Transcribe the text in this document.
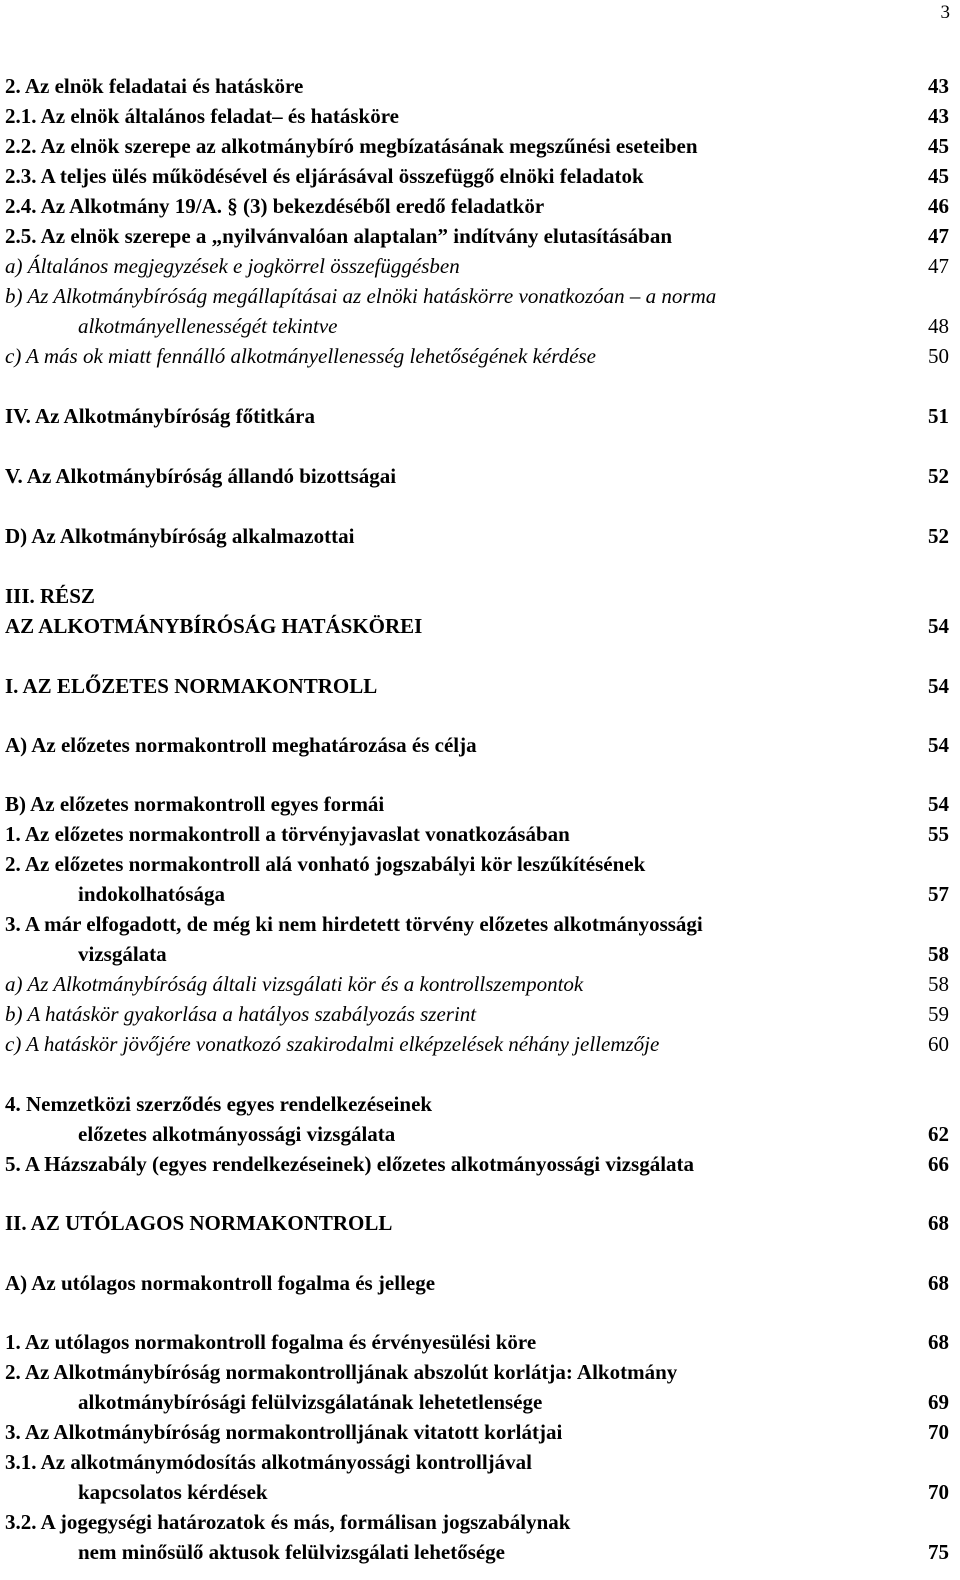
3
2. Az elnök feladatai és hatásköre	43
2.1. Az elnök általános feladat– és hatásköre	43
2.2. Az elnök szerepe az alkotmánybíró megbízatásának megszűnési eseteiben	45
2.3. A teljes ülés működésével és eljárásával összefüggő elnöki feladatok	45
2.4. Az Alkotmány 19/A. § (3) bekezdéséből eredő feladatkör	46
2.5. Az elnök szerepe a „nyilvánvalóan alaptalan” indítvány elutasításában	47
a) Általános megjegyzések e jogkörrel összefüggésben	47
b) Az Alkotmánybíróság megállapításai az elnöki hatáskörre vonatkozóan – a norma
alkotmányellenességét tekintve	48
c) A más ok miatt fennálló alkotmányellenesség lehetőségének kérdése	50
IV. Az Alkotmánybíróság főtitkára	51
V. Az Alkotmánybíróság állandó bizottságai	52
D) Az Alkotmánybíróság alkalmazottai	52
III. RÉSZ
AZ ALKOTMÁNYBÍRÓSÁG HATÁSKÖREI	54
I. AZ ELŐZETES NORMAKONTROLL	54
A) Az előzetes normakontroll meghatározása és célja	54
B) Az előzetes normakontroll egyes formái	54
1. Az előzetes normakontroll a törvényjavaslat vonatkozásában	55
2. Az előzetes normakontroll alá vonható jogszabályi kör leszűkítésének
indokolhatósága	57
3. A már elfogadott, de még ki nem hirdetett törvény előzetes alkotmányossági
vizsgálata	58
a) Az Alkotmánybíróság általi vizsgálati kör és a kontrollszempontok	58
b) A hatáskör gyakorlása a hatályos szabályozás szerint	59
c) A hatáskör jövőjére vonatkozó szakirodalmi elképzelések néhány jellemzője	60
4. Nemzetközi szerződés egyes rendelkezéseinek
előzetes alkotmányossági vizsgálata	62
5. A Házszabály (egyes rendelkezéseinek) előzetes alkotmányossági vizsgálata	66
II. AZ UTÓLAGOS NORMAKONTROLL	68
A) Az utólagos normakontroll fogalma és jellege	68
1. Az utólagos normakontroll fogalma és érvényesülési köre	68
2. Az Alkotmánybíróság normakontrolljának abszolút korlátja: Alkotmány
alkotmánybírósági felülvizsgálatának lehetetlensége	69
3. Az Alkotmánybíróság normakontrolljának vitatott korlátjai	70
3.1. Az alkotmánymódosítás alkotmányossági kontrolljával
kapcsolatos kérdések	70
3.2. A jogegységi határozatok és más, formálisan jogszabálynak
nem minősülő aktusok felülvizsgálati lehetősége	75
